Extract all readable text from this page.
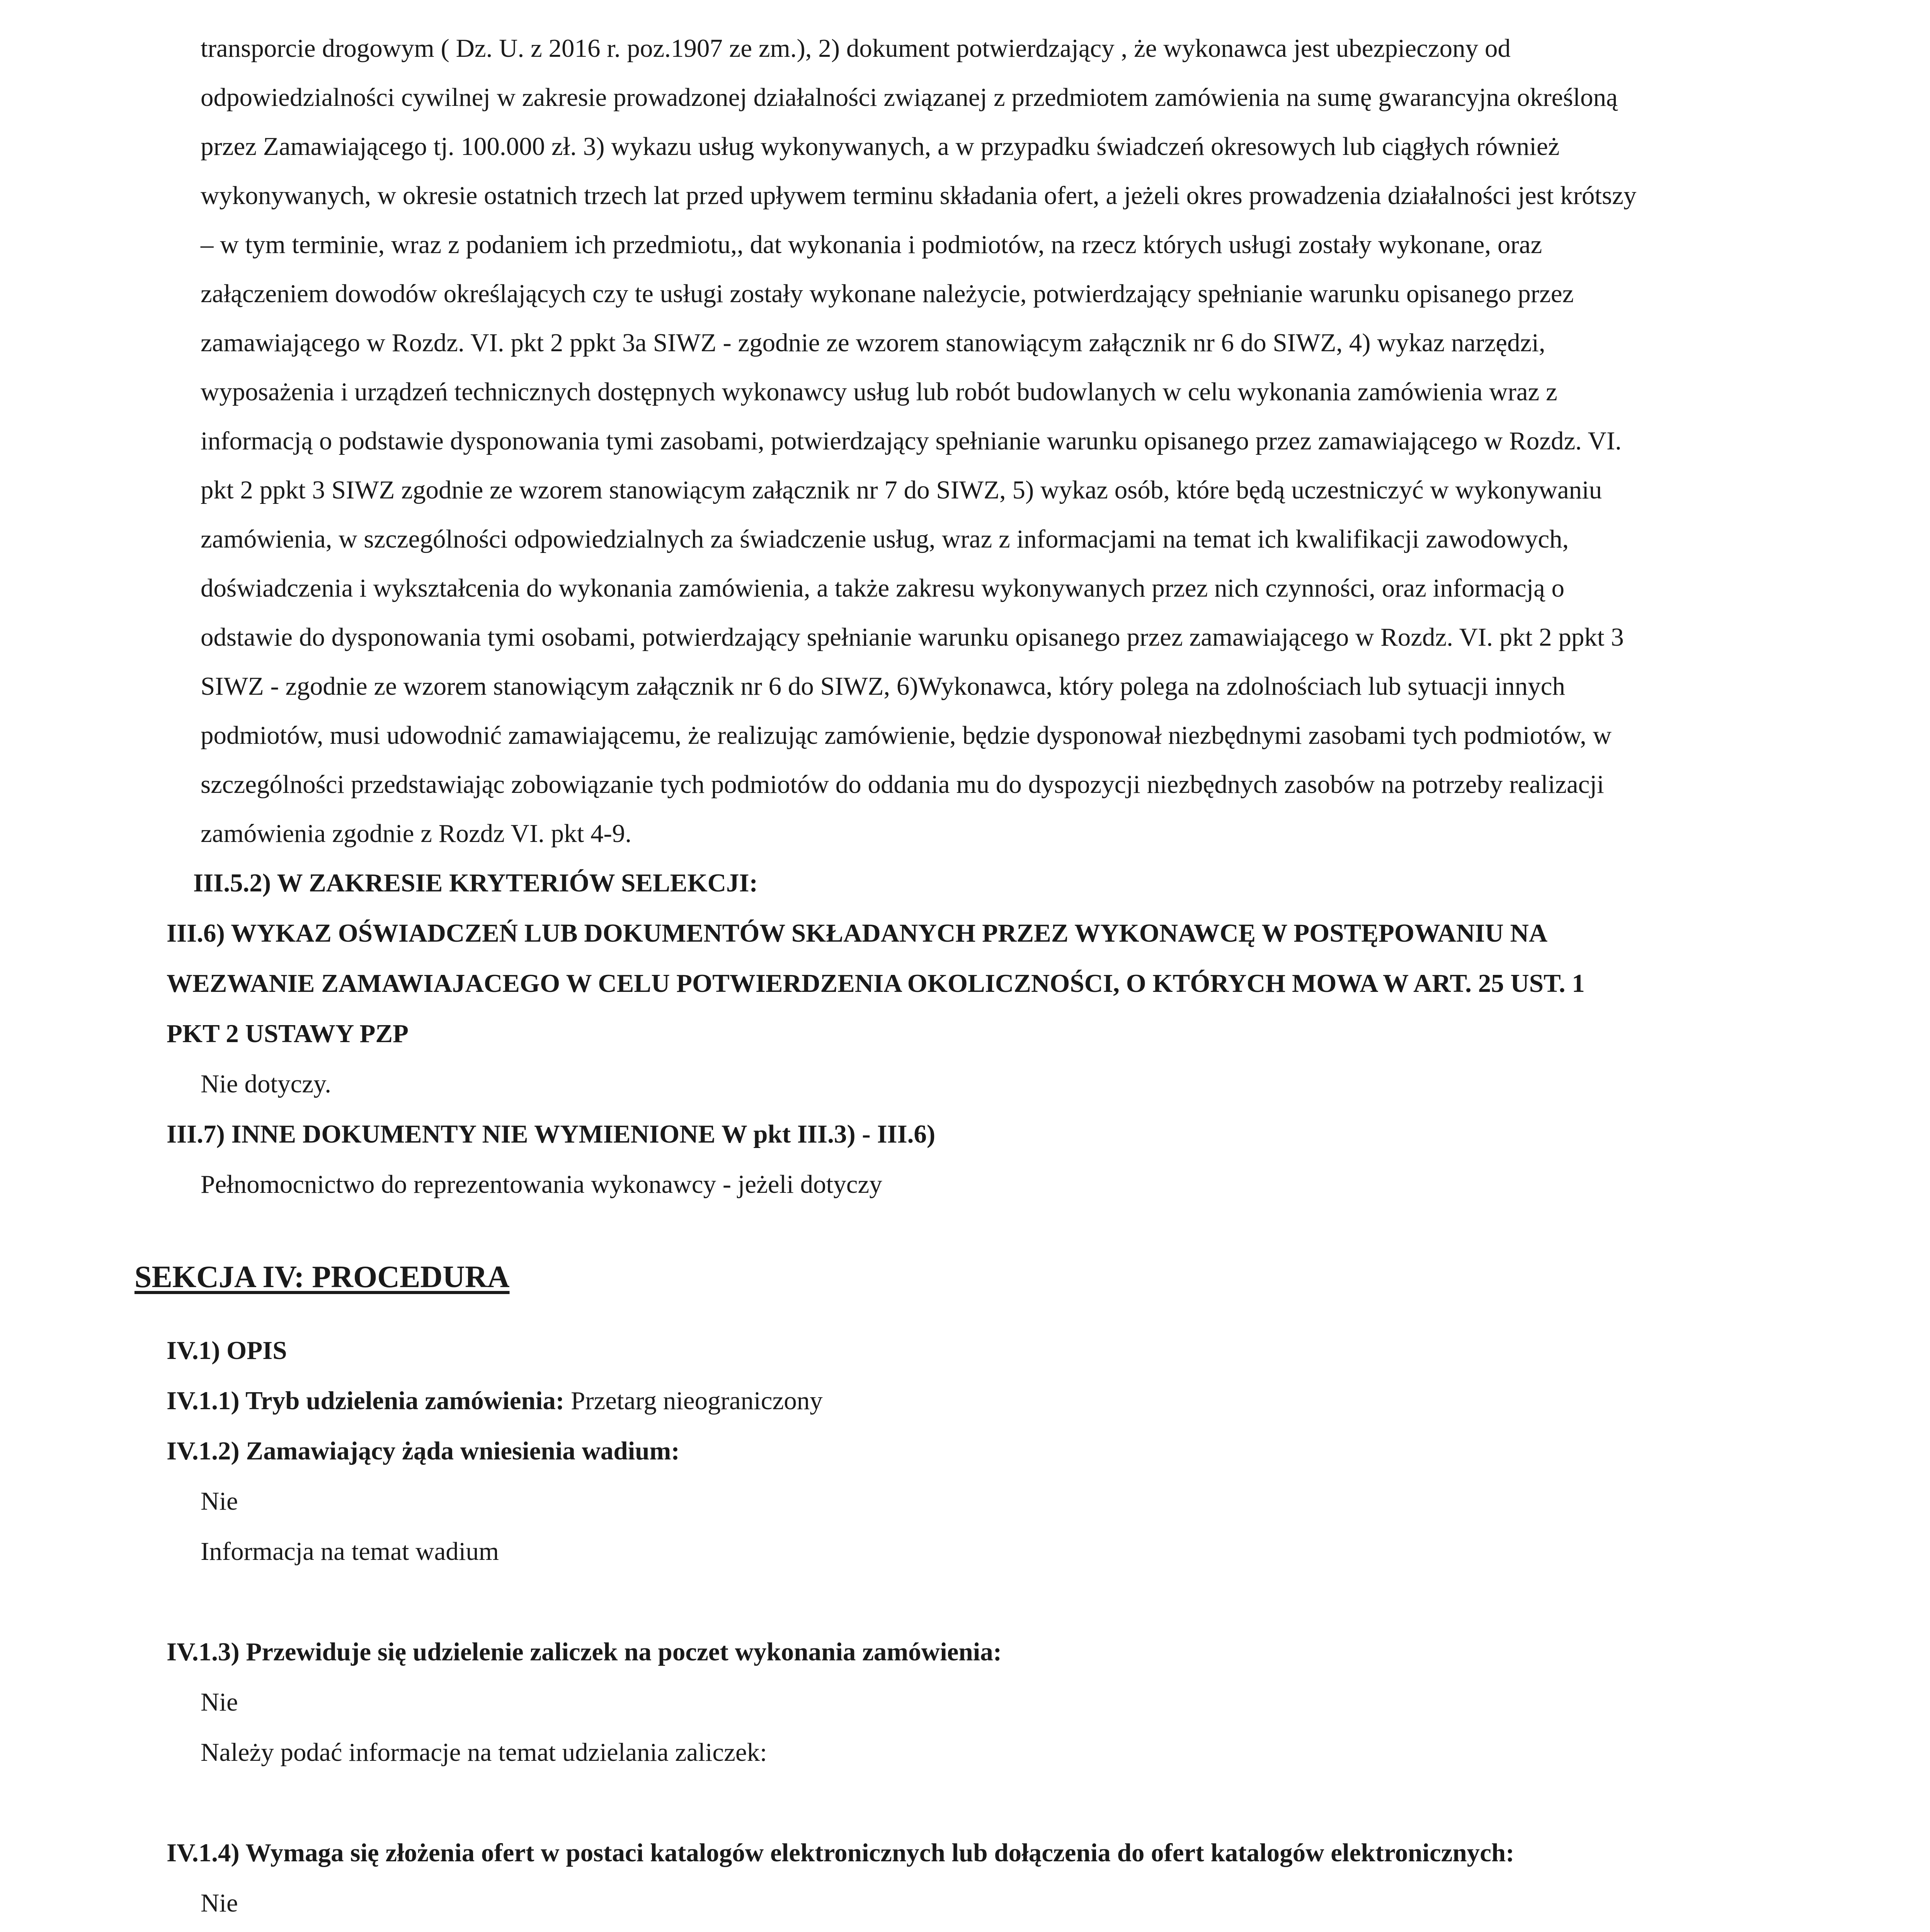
transporcie drogowym ( Dz. U. z 2016 r. poz.1907 ze zm.), 2) dokument potwierdzający , że wykonawca jest ubezpieczony od
odpowiedzialności cywilnej w zakresie prowadzonej działalności związanej z przedmiotem zamówienia na sumę gwarancyjna określoną
przez Zamawiającego tj. 100.000 zł. 3) wykazu usług wykonywanych, a w przypadku świadczeń okresowych lub ciągłych również
wykonywanych, w okresie ostatnich trzech lat przed upływem terminu składania ofert, a jeżeli okres prowadzenia działalności jest krótszy
– w tym terminie, wraz z podaniem ich przedmiotu,, dat wykonania i podmiotów, na rzecz których usługi zostały wykonane, oraz
załączeniem dowodów określających czy te usługi zostały wykonane należycie, potwierdzający spełnianie warunku opisanego przez
zamawiającego w Rozdz. VI. pkt 2 ppkt 3a SIWZ - zgodnie ze wzorem stanowiącym załącznik nr 6 do SIWZ, 4) wykaz narzędzi,
wyposażenia i urządzeń technicznych dostępnych wykonawcy usług lub robót budowlanych w celu wykonania zamówienia wraz z
informacją o podstawie dysponowania tymi zasobami, potwierdzający spełnianie warunku opisanego przez zamawiającego w Rozdz. VI.
pkt 2 ppkt 3 SIWZ zgodnie ze wzorem stanowiącym załącznik nr 7 do SIWZ, 5) wykaz osób, które będą uczestniczyć w wykonywaniu
zamówienia, w szczególności odpowiedzialnych za świadczenie usług, wraz z informacjami na temat ich kwalifikacji zawodowych,
doświadczenia i wykształcenia do wykonania zamówienia, a także zakresu wykonywanych przez nich czynności, oraz informacją o
odstawie do dysponowania tymi osobami, potwierdzający spełnianie warunku opisanego przez zamawiającego w Rozdz. VI. pkt 2 ppkt 3
SIWZ - zgodnie ze wzorem stanowiącym załącznik nr 6 do SIWZ, 6)Wykonawca, który polega na zdolnościach lub sytuacji innych
podmiotów, musi udowodnić zamawiającemu, że realizując zamówienie, będzie dysponował niezbędnymi zasobami tych podmiotów, w
szczególności przedstawiając zobowiązanie tych podmiotów do oddania mu do dyspozycji niezbędnych zasobów na potrzeby realizacji
zamówienia zgodnie z Rozdz VI. pkt 4-9.
III.5.2) W ZAKRESIE KRYTERIÓW SELEKCJI:
III.6) WYKAZ OŚWIADCZEŃ LUB DOKUMENTÓW SKŁADANYCH PRZEZ WYKONAWCĘ W POSTĘPOWANIU NA
WEZWANIE ZAMAWIAJACEGO W CELU POTWIERDZENIA OKOLICZNOŚCI, O KTÓRYCH MOWA W ART. 25 UST. 1
PKT 2 USTAWY PZP
Nie dotyczy.
III.7) INNE DOKUMENTY NIE WYMIENIONE W pkt III.3) - III.6)
Pełnomocnictwo do reprezentowania wykonawcy - jeżeli dotyczy
SEKCJA IV: PROCEDURA
IV.1) OPIS
IV.1.1) Tryb udzielenia zamówienia: Przetarg nieograniczony
IV.1.2) Zamawiający żąda wniesienia wadium:
Nie
Informacja na temat wadium
IV.1.3) Przewiduje się udzielenie zaliczek na poczet wykonania zamówienia:
Nie
Należy podać informacje na temat udzielania zaliczek:
IV.1.4) Wymaga się złożenia ofert w postaci katalogów elektronicznych lub dołączenia do ofert katalogów elektronicznych:
Nie
